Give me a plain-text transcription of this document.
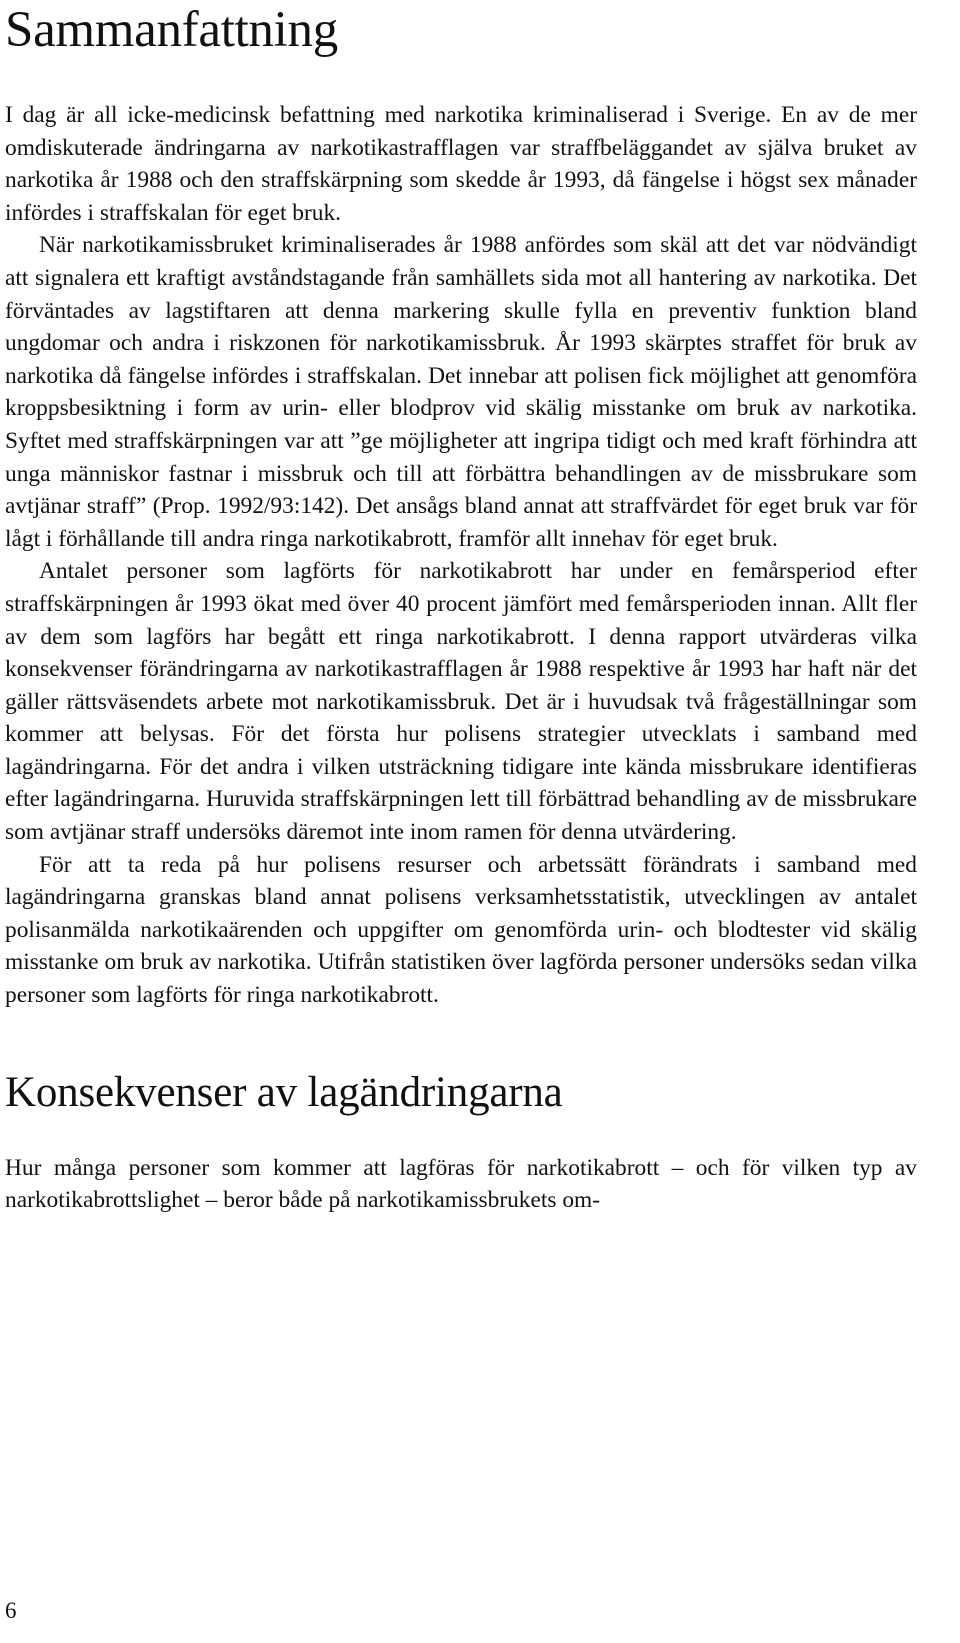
Sammanfattning

I dag är all icke-medicinsk befattning med narkotika kriminaliserad i Sverige. En av de mer omdiskuterade ändringarna av narkotikastrafflagen var straffbeläggandet av själva bruket av narkotika år 1988 och den straffskärpning som skedde år 1993, då fängelse i högst sex månader infördes i straffskalan för eget bruk.

När narkotikamissbruket kriminaliserades år 1988 anfördes som skäl att det var nödvändigt att signalera ett kraftigt avståndstagande från samhällets sida mot all hantering av narkotika. Det förväntades av lagstiftaren att denna markering skulle fylla en preventiv funktion bland ungdomar och andra i riskzonen för narkotikamissbruk. År 1993 skärptes straffet för bruk av narkotika då fängelse infördes i straffskalan. Det innebar att polisen fick möjlighet att genomföra kroppsbesiktning i form av urin- eller blodprov vid skälig misstanke om bruk av narkotika. Syftet med straffskärpningen var att ”ge möjligheter att ingripa tidigt och med kraft förhindra att unga människor fastnar i missbruk och till att förbättra behandlingen av de missbrukare som avtjänar straff” (Prop. 1992/93:142). Det ansågs bland annat att straffvärdet för eget bruk var för lågt i förhållande till andra ringa narkotikabrott, framför allt innehav för eget bruk.

Antalet personer som lagförts för narkotikabrott har under en femårsperiod efter straffskärpningen år 1993 ökat med över 40 procent jämfört med femårsperioden innan. Allt fler av dem som lagförs har begått ett ringa narkotikabrott. I denna rapport utvärderas vilka konsekvenser förändringarna av narkotikastrafflagen år 1988 respektive år 1993 har haft när det gäller rättsväsendets arbete mot narkotikamissbruk. Det är i huvudsak två frågeställningar som kommer att belysas. För det första hur polisens strategier utvecklats i samband med lagändringarna. För det andra i vilken utsträckning tidigare inte kända missbrukare identifieras efter lagändringarna. Huruvida straffskärpningen lett till förbättrad behandling av de missbrukare som avtjänar straff undersöks däremot inte inom ramen för denna utvärdering.

För att ta reda på hur polisens resurser och arbetssätt förändrats i samband med lagändringarna granskas bland annat polisens verksamhetsstatistik, utvecklingen av antalet polisanmälda narkotikaärenden och uppgifter om genomförda urin- och blodtester vid skälig misstanke om bruk av narkotika. Utifrån statistiken över lagförda personer undersöks sedan vilka personer som lagförts för ringa narkotikabrott.

Konsekvenser av lagändringarna

Hur många personer som kommer att lagföras för narkotikabrott – och för vilken typ av narkotikabrottslighet – beror både på narkotikamissbrukets om-

6
